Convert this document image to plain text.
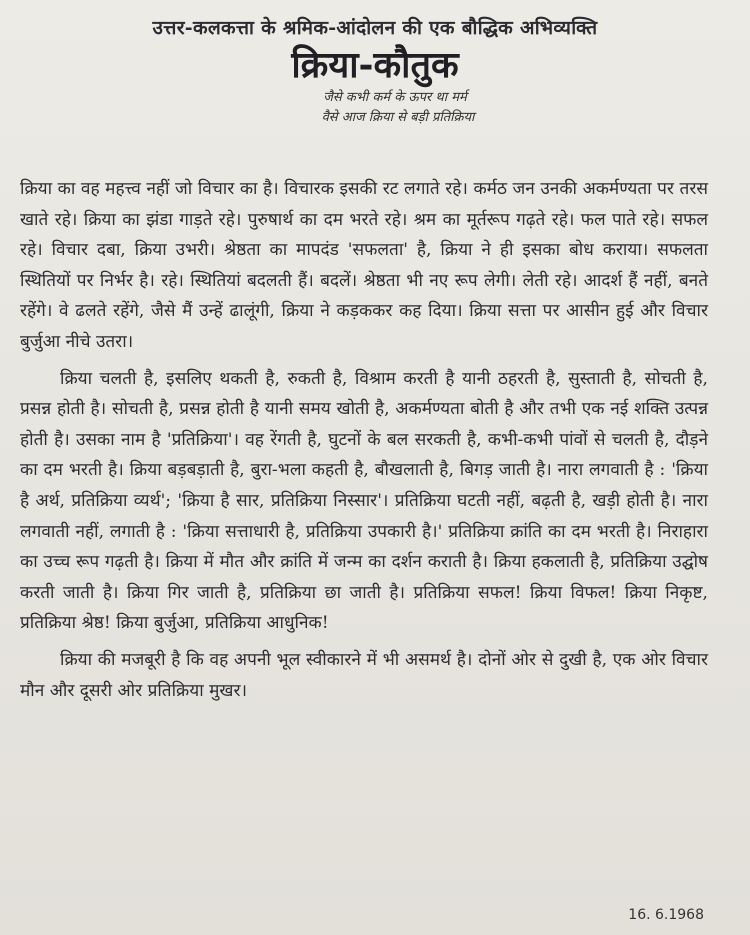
उत्तर-कलकत्ता के श्रमिक-आंदोलन की एक बौद्धिक अभिव्यक्ति

क्रिया-कौतुक

जैसे कभी कर्म के ऊपर था मर्म

वैसे आज क्रिया से बड़ी प्रतिक्रिया

क्रिया का वह महत्त्व नहीं जो विचार का है। विचारक इसकी रट लगाते रहे। कर्मठ जन उनकी अकर्मण्यता पर तरस खाते रहे। क्रिया का झंडा गाड़ते रहे। पुरुषार्थ का दम भरते रहे। श्रम का मूर्तरूप गढ़ते रहे। फल पाते रहे। सफल रहे। विचार दबा, क्रिया उभरी। श्रेष्ठता का मापदंड 'सफलता' है, क्रिया ने ही इसका बोध कराया। सफलता स्थितियों पर निर्भर है। रहे। स्थितियां बदलती हैं। बदलें। श्रेष्ठता भी नए रूप लेगी। लेती रहे। आदर्श हैं नहीं, बनते रहेंगे। वे ढलते रहेंगे, जैसे मैं उन्हें ढालूंगी, क्रिया ने कड़ककर कह दिया। क्रिया सत्ता पर आसीन हुई और विचार बुर्जुआ नीचे उतरा।

क्रिया चलती है, इसलिए थकती है, रुकती है, विश्राम करती है यानी ठहरती है, सुस्ताती है, सोचती है, प्रसन्न होती है। सोचती है, प्रसन्न होती है यानी समय खोती है, अकर्मण्यता बोती है और तभी एक नई शक्ति उत्पन्न होती है। उसका नाम है 'प्रतिक्रिया'। वह रेंगती है, घुटनों के बल सरकती है, कभी-कभी पांवों से चलती है, दौड़ने का दम भरती है। क्रिया बड़बड़ाती है, बुरा-भला कहती है, बौखलाती है, बिगड़ जाती है। नारा लगवाती है : 'क्रिया है अर्थ, प्रतिक्रिया व्यर्थ'; 'क्रिया है सार, प्रतिक्रिया निस्सार'। प्रतिक्रिया घटती नहीं, बढ़ती है, खड़ी होती है। नारा लगवाती नहीं, लगाती है : 'क्रिया सत्ताधारी है, प्रतिक्रिया उपकारी है।' प्रतिक्रिया क्रांति का दम भरती है। निराहारा का उच्च रूप गढ़ती है। क्रिया में मौत और क्रांति में जन्म का दर्शन कराती है। क्रिया हकलाती है, प्रतिक्रिया उद्घोष करती जाती है। क्रिया गिर जाती है, प्रतिक्रिया छा जाती है। प्रतिक्रिया सफल! क्रिया विफल! क्रिया निकृष्ट, प्रतिक्रिया श्रेष्ठ! क्रिया बुर्जुआ, प्रतिक्रिया आधुनिक!

क्रिया की मजबूरी है कि वह अपनी भूल स्वीकारने में भी असमर्थ है। दोनों ओर से दुखी है, एक ओर विचार मौन और दूसरी ओर प्रतिक्रिया मुखर।

16. 6.1968
